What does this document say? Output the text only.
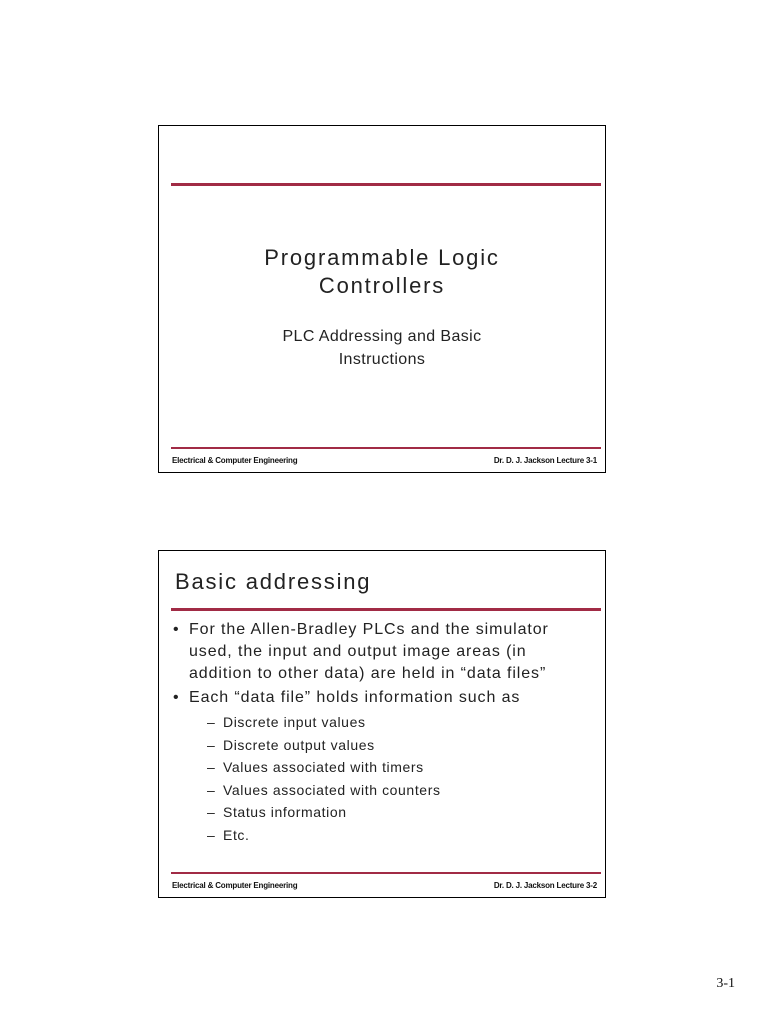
Programmable Logic
Controllers
PLC Addressing and Basic
Instructions
Electrical & Computer Engineering	Dr. D. J. Jackson Lecture 3-1
Basic addressing
• For the Allen-Bradley PLCs and the simulator
used, the input and output image areas (in
addition to other data) are held in “data files”
• Each “data file” holds information such as
– Discrete input values
– Discrete output values
– Values associated with timers
– Values associated with counters
– Status information
– Etc.
Electrical & Computer Engineering	Dr. D. J. Jackson Lecture 3-2
3-1
